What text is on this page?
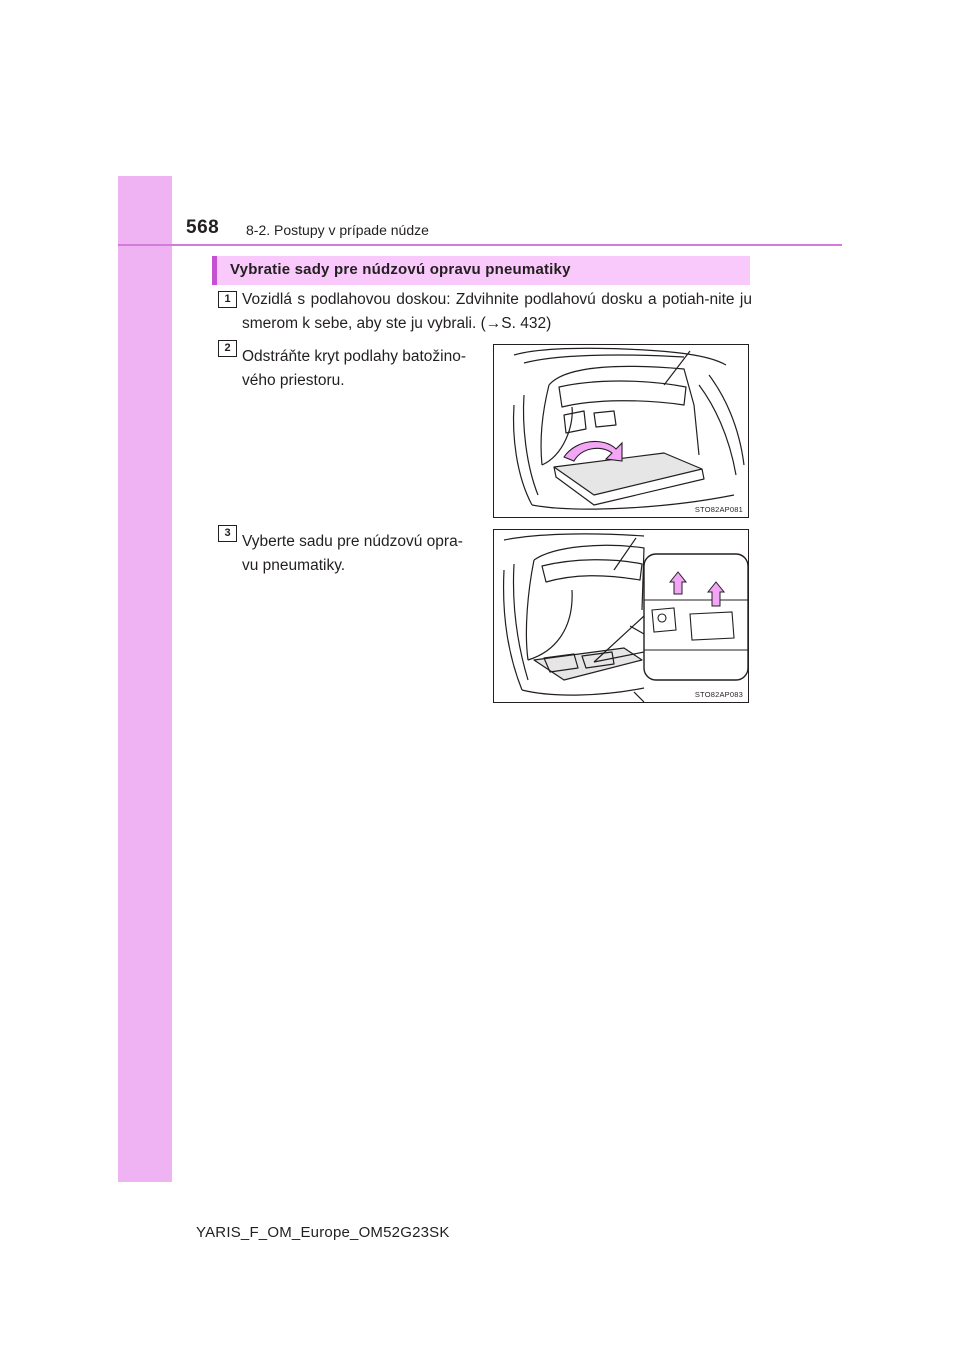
568 8-2. Postupy v prípade núdze
Vybratie sady pre núdzovú opravu pneumatiky
1 Vozidlá s podlahovou doskou: Zdvihnite podlahovú dosku a potiah-nite ju smerom k sebe, aby ste ju vybrali. (→S. 432)
2 Odstráňte kryt podlahy batožino-vého priestoru.
STO82AP081
3 Vyberte sadu pre núdzovú opra-vu pneumatiky.
STO82AP083
YARIS_F_OM_Europe_OM52G23SK
